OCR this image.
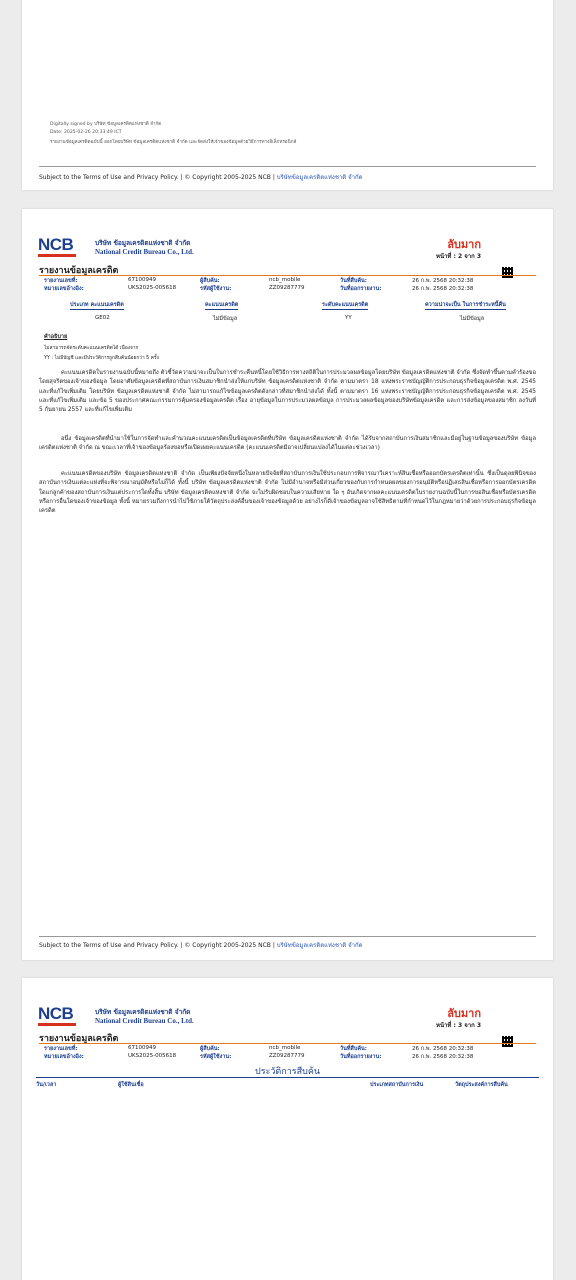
Digitally signed by บริษัท ข้อมูลเครดิตแห่งชาติ จำกัด
Date: 2025-02-26 20:33:49 ICT
รายงานข้อมูลเครดิตฉบับนี้ ออกโดยบริษัท ข้อมูลเครดิตแห่งชาติ จำกัด และจัดส่งให้เจ้าของข้อมูลด้วยวิธีการทางอิเล็กทรอนิกส์
Subject to the Terms of Use and Privacy Policy. | © Copyright 2005-2025 NCB | บริษัทข้อมูลเครดิตแห่งชาติ จำกัด
NCB	บริษัท ข้อมูลเครดิตแห่งชาติ จำกัด
National Credit Bureau Co., Ltd.
ลับมาก
หน้าที่ : 2 จาก 3
รายงานข้อมูลเครดิต
รายงานเลขที่:	67100949	ผู้สืบค้น:	ncb_mobile	วันที่สืบค้น:	26 ก.พ. 2568 20:32:38
หมายเลขอ้างอิง:	UKS2025-005618	รหัสผู้ใช้งาน:	ZZ09287779	วันที่ออกรายงาน:	26 ก.พ. 2568 20:32:38
ประเภท คะแนนเครดิต	คะแนนเครดิต	ระดับคะแนนเครดิต	ความน่าจะเป็น ในการชำระหนี้คืน
GE02	ไม่มีข้อมูล	YY	ไม่มีข้อมูล
คำอธิบาย
ไม่สามารถจัดระดับคะแนนเครดิตได้ เนื่องจาก
YY : ไม่มีบัญชี และมีประวัติการถูกสืบค้นน้อยกว่า 5 ครั้ง

คะแนนเครดิตในรายงานฉบับนี้หมายถึง ตัวชี้วัดความน่าจะเป็นในการชำระคืนหนี้โดยใช้วิธีการทางสถิติในการประมวลผลข้อมูลโดยบริษัท ข้อมูลเครดิตแห่งชาติ จำกัด ซึ่งจัดทำขึ้นตามคำร้องขอโดยสุจริตของเจ้าของข้อมูล โดยอาศัยข้อมูลเครดิตที่สถาบันการเงินสมาชิกนำส่งให้แก่บริษัท ข้อมูลเครดิตแห่งชาติ จำกัด ตามมาตรา 18 แห่งพระราชบัญญัติการประกอบธุรกิจข้อมูลเครดิต พ.ศ. 2545 และที่แก้ไขเพิ่มเติม โดยบริษัท ข้อมูลเครดิตแห่งชาติ จำกัด ไม่สามารถแก้ไขข้อมูลเครดิตดังกล่าวที่สมาชิกนำส่งได้ ทั้งนี้ ตามมาตรา 16 แห่งพระราชบัญญัติการประกอบธุรกิจข้อมูลเครดิต พ.ศ. 2545 และที่แก้ไขเพิ่มเติม และข้อ 5 ของประกาศคณะกรรมการคุ้มครองข้อมูลเครดิต เรื่อง อายุข้อมูลในการประมวลผลข้อมูล การประมวลผลข้อมูลของบริษัทข้อมูลเครดิต และการส่งข้อมูลของสมาชิก ลงวันที่ 5 กันยายน 2557 และที่แก้ไขเพิ่มเติม

อนึ่ง ข้อมูลเครดิตที่นำมาใช้ในการจัดทำและคำนวณคะแนนเครดิตเป็นข้อมูลเครดิตที่บริษัท ข้อมูลเครดิตแห่งชาติ จำกัด ได้รับจากสถาบันการเงินสมาชิกและมีอยู่ในฐานข้อมูลของบริษัท ข้อมูลเครดิตแห่งชาติ จำกัด ณ ขณะเวลาที่เจ้าของข้อมูลร้องขอหรือเปิดเผยคะแนนเครดิต (คะแนนเครดิตมีอาจเปลี่ยนแปลงได้ในแต่ละช่วงเวลา)

คะแนนเครดิตของบริษัท ข้อมูลเครดิตแห่งชาติ จำกัด เป็นเพียงปัจจัยหนึ่งในหลายปัจจัยที่สถาบันการเงินใช้ประกอบการพิจารณาวิเคราะห์สินเชื่อหรือออกบัตรเครดิตเท่านั้น ซึ่งเป็นดุลยพินิจของสถาบันการเงินแต่ละแห่งที่จะพิจารณาอนุมัติหรือไม่ก็ได้ ทั้งนี้ บริษัท ข้อมูลเครดิตแห่งชาติ จำกัด ไม่มีอำนาจหรือมีส่วนเกี่ยวของกับการกำหนดผลของการอนุมัติหรือปฏิเสธสินเชื่อหรือการออกบัตรเครดิตใดแก่ลูกค้าของสถาบันการเงินแต่ประการใดทั้งสิ้น บริษัท ข้อมูลเครดิตแห่งชาติ จำกัด จะไม่รับผิดชอบในความเสียหาย ใด ๆ อันเกิดจากผลคะแนนเครดิตในรายงานฉบับนี้ในการขอสินเชื่อหรือบัตรเครดิตหรือการอื่นใดของเจ้าของข้อมูล ทั้งนี้ หมายรวมถึงการนำไปใช้ภายใต้วัตถุประสงค์อื่นของเจ้าของข้อมูลด้วย อย่างไรก็ดีเจ้าของข้อมูลอาจใช้สิทธิตามที่กำหนดไว้ในกฎหมายว่าด้วยการประกอบธุรกิจข้อมูลเครดิต

Subject to the Terms of Use and Privacy Policy. | © Copyright 2005-2025 NCB | บริษัทข้อมูลเครดิตแห่งชาติ จำกัด
NCB	บริษัท ข้อมูลเครดิตแห่งชาติ จำกัด
National Credit Bureau Co., Ltd.
ลับมาก
หน้าที่ : 3 จาก 3
รายงานข้อมูลเครดิต
รายงานเลขที่:	67100949	ผู้สืบค้น:	ncb_mobile	วันที่สืบค้น:	26 ก.พ. 2568 20:32:38
หมายเลขอ้างอิง:	UKS2025-005618	รหัสผู้ใช้งาน:	ZZ09287779	วันที่ออกรายงาน:	26 ก.พ. 2568 20:32:38
ประวัติการสืบค้น
วัน/เวลา	ผู้ใช้สินเชื่อ	ประเภทสถาบันการเงิน	วัตถุประสงค์การสืบค้น
